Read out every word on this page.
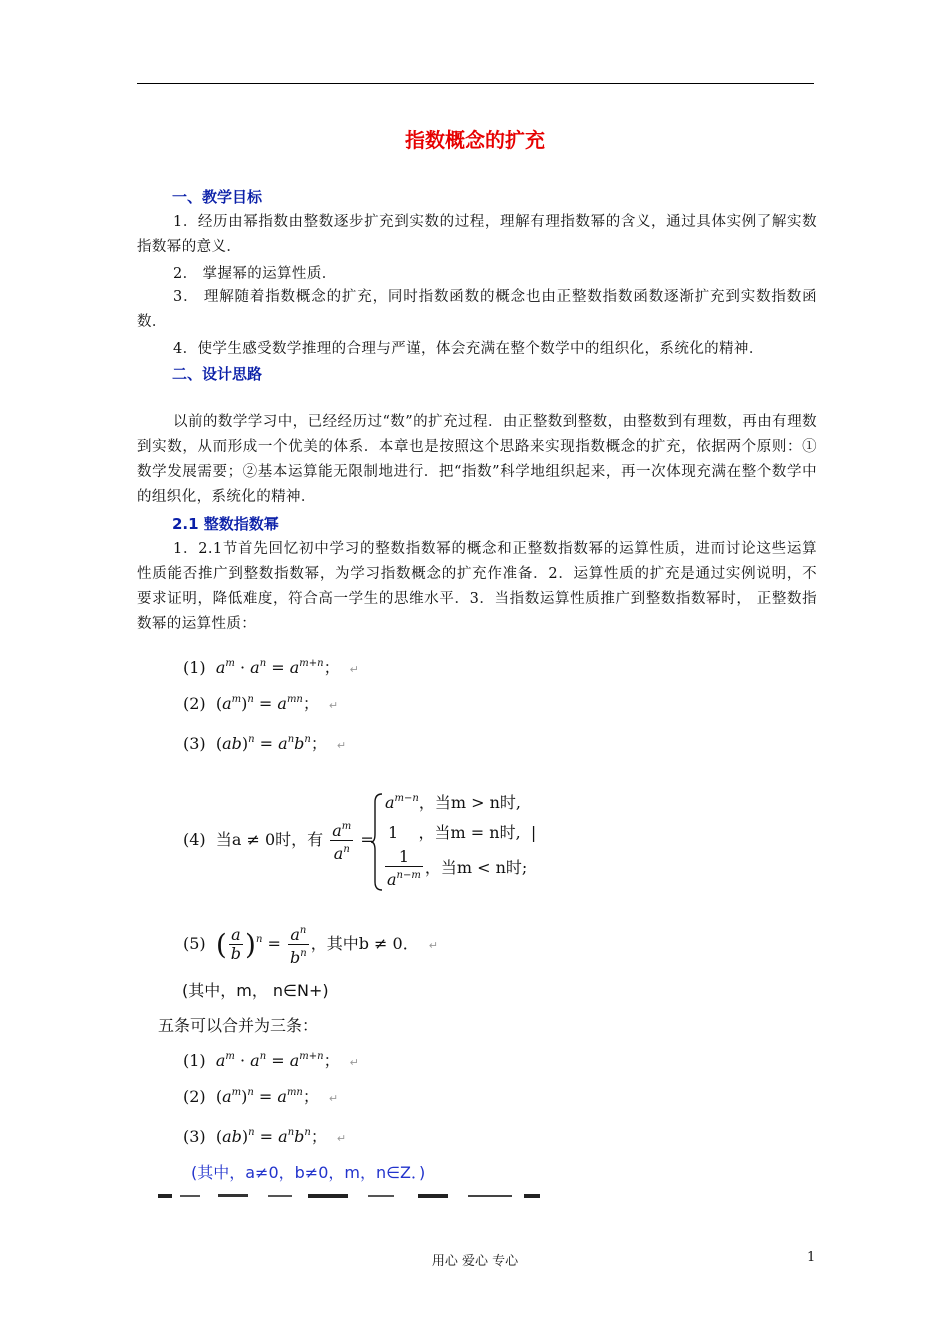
指数概念的扩充
一、教学目标
1．经历由幂指数由整数逐步扩充到实数的过程，理解有理指数幂的含义，通过具体实例了解实数指数幂的意义．
2． 掌握幂的运算性质．
3． 理解随着指数概念的扩充，同时指数函数的概念也由正整数指数函数逐渐扩充到实数指数函数．
4．使学生感受数学推理的合理与严谨，体会充满在整个数学中的组织化，系统化的精神．
二、设计思路
以前的数学学习中，已经经历过“数”的扩充过程．由正整数到整数，由整数到有理数，再由有理数到实数，从而形成一个优美的体系．本章也是按照这个思路来实现指数概念的扩充，依据两个原则：①数学发展需要；②基本运算能无限制地进行．把“指数”科学地组织起来，再一次体现充满在整个数学中的组织化，系统化的精神．
2.1 整数指数幂
1．2.1节首先回忆初中学习的整数指数幂的概念和正整数指数幂的运算性质，进而讨论这些运算性质能否推广到整数指数幂，为学习指数概念的扩充作准备．2．运算性质的扩充是通过实例说明，不要求证明，降低难度，符合高一学生的思维水平．3．当指数运算性质推广到整数指数幂时， 正整数指数幂的运算性质：
(1) $a^m \cdot a^n = a^{m+n}$； ↵
(2)  $(a^m)^n = a^{mn}$； ↵
(3)  $(ab)^n = a^nb^n$； ↵
(4) 当a ≠ 0时，有 $\frac{a^m}{a^n}$ =
$a^{m-n}$，当m > n时,
1 ，当m = n时,  |
$\frac{1}{a^{n-m}}$ ，当m < n时;
(5) ( $\frac{a}{b} )^n = \frac{a^n}{b^n}$ ，其中b ≠ 0． ↵
(其中，m， n∈N+)
五条可以合并为三条：
(1) $a^m \cdot a^n = a^{m+n}$； ↵
(2)  $(a^m)^n = a^{mn}$； ↵
(3)  $(ab)^n = a^nb^n$； ↵
(其中，a≠0，b≠0，m，n∈Z．)
用心 爱心 专心	1
